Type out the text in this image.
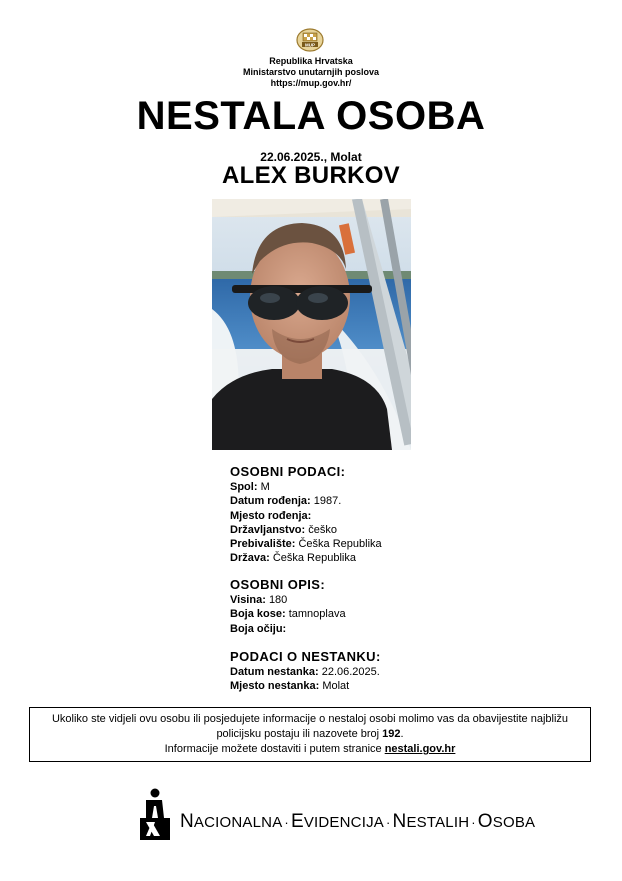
MUP
Republika Hrvatska
Ministarstvo unutarnjih poslova
https://mup.gov.hr/
NESTALA OSOBA
22.06.2025., Molat
ALEX BURKOV
OSOBNI PODACI:
Spol: M
Datum rođenja: 1987.
Mjesto rođenja:
Državljanstvo: češko
Prebivalište: Češka Republika
Država: Češka Republika
OSOBNI OPIS:
Visina: 180
Boja kose: tamnoplava
Boja očiju:
PODACI O NESTANKU:
Datum nestanka: 22.06.2025.
Mjesto nestanka: Molat
Ukoliko ste vidjeli ovu osobu ili posjedujete informacije o nestaloj osobi molimo vas da obavijestite najbližu
policijsku postaju ili nazovete broj 192.
Informacije možete dostaviti i putem stranice nestali.gov.hr
NACIONALNA · EVIDENCIJA · NESTALIH · OSOBA
